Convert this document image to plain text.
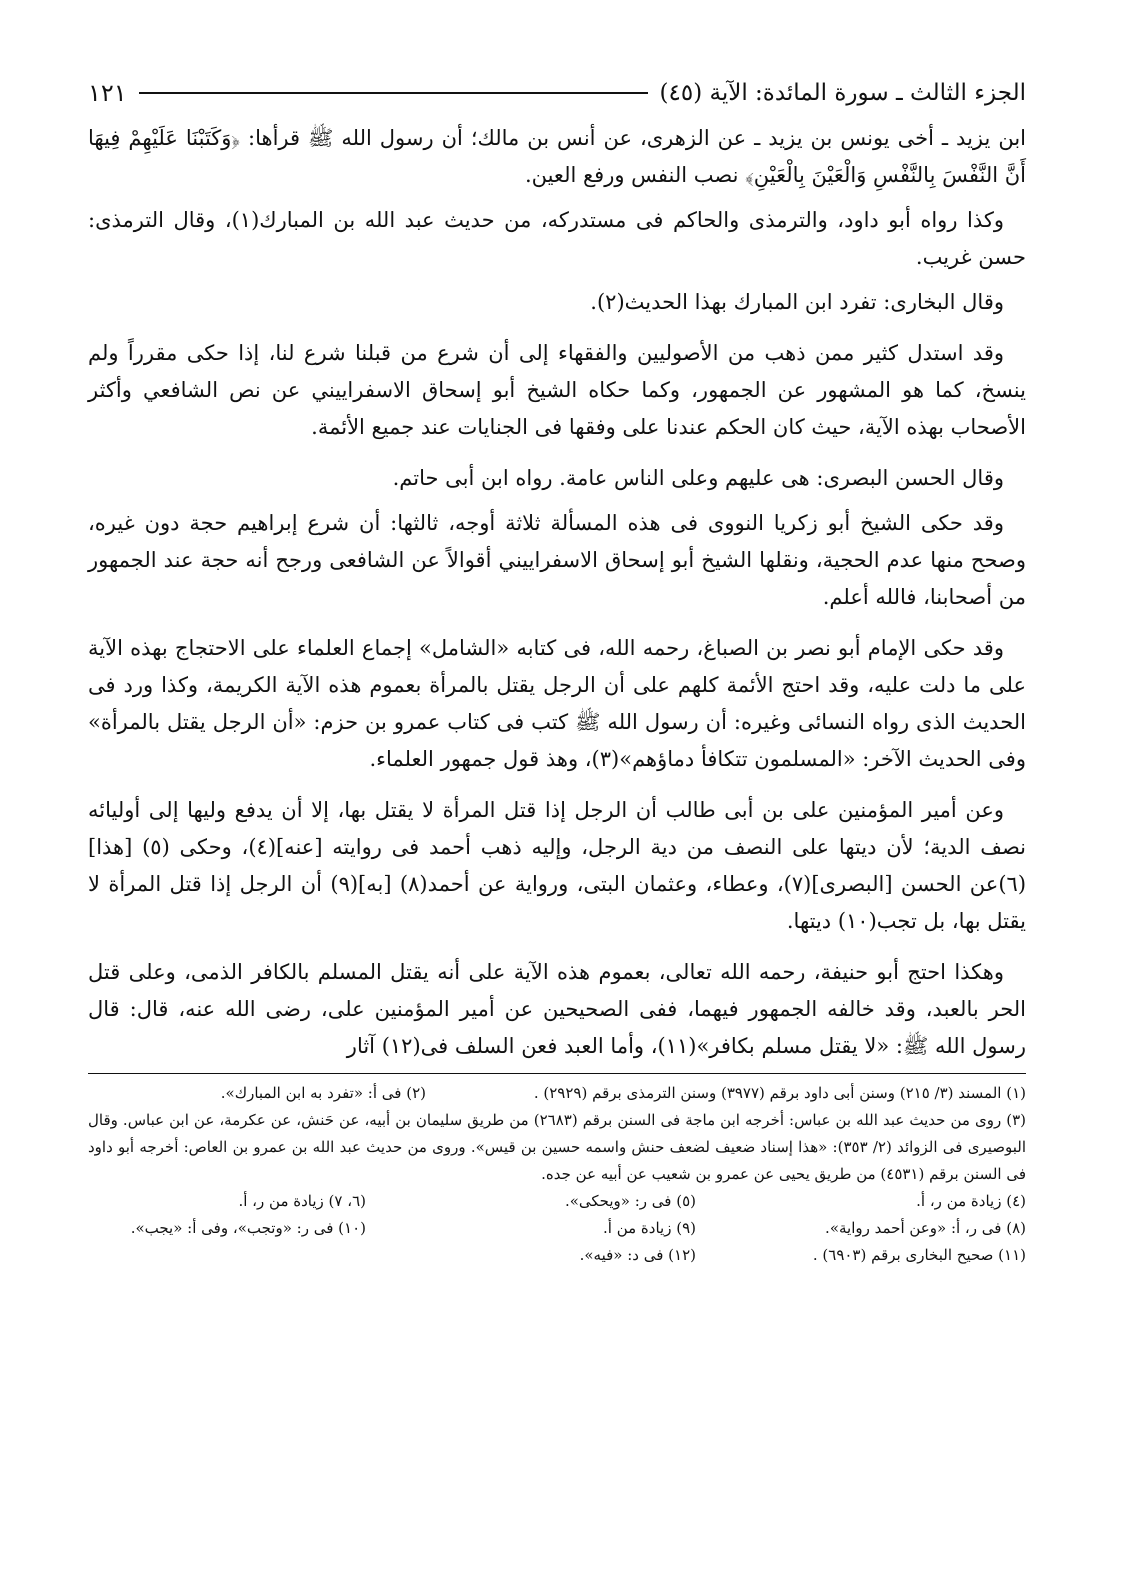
الجزء الثالث ـ سورة المائدة: الآية (٤٥)
١٢١

ابن يزيد ـ أخى يونس بن يزيد ـ عن الزهرى، عن أنس بن مالك؛ أن رسول الله ﷺ قرأها: ﴿وَكَتَبْنَا عَلَيْهِمْ فِيهَا أَنَّ النَّفْسَ بِالنَّفْسِ وَالْعَيْنَ بِالْعَيْنِ﴾ نصب النفس ورفع العين.

وكذا رواه أبو داود، والترمذى والحاكم فى مستدركه، من حديث عبد الله بن المبارك(١)، وقال الترمذى: حسن غريب.

وقال البخارى: تفرد ابن المبارك بهذا الحديث(٢).

وقد استدل كثير ممن ذهب من الأصوليين والفقهاء إلى أن شرع من قبلنا شرع لنا، إذا حكى مقرراً ولم ينسخ، كما هو المشهور عن الجمهور، وكما حكاه الشيخ أبو إسحاق الاسفراييني عن نص الشافعي وأكثر الأصحاب بهذه الآية، حيث كان الحكم عندنا على وفقها فى الجنايات عند جميع الأئمة.

وقال الحسن البصرى: هى عليهم وعلى الناس عامة. رواه ابن أبى حاتم.

وقد حكى الشيخ أبو زكريا النووى فى هذه المسألة ثلاثة أوجه، ثالثها: أن شرع إبراهيم حجة دون غيره، وصحح منها عدم الحجية، ونقلها الشيخ أبو إسحاق الاسفراييني أقوالاً عن الشافعى ورجح أنه حجة عند الجمهور من أصحابنا، فالله أعلم.

وقد حكى الإمام أبو نصر بن الصباغ، رحمه الله، فى كتابه «الشامل» إجماع العلماء على الاحتجاج بهذه الآية على ما دلت عليه، وقد احتج الأئمة كلهم على أن الرجل يقتل بالمرأة بعموم هذه الآية الكريمة، وكذا ورد فى الحديث الذى رواه النسائى وغيره: أن رسول الله ﷺ كتب فى كتاب عمرو بن حزم: «أن الرجل يقتل بالمرأة» وفى الحديث الآخر: «المسلمون تتكافأ دماؤهم»(٣)، وهذ قول جمهور العلماء.

وعن أمير المؤمنين على بن أبى طالب أن الرجل إذا قتل المرأة لا يقتل بها، إلا أن يدفع وليها إلى أوليائه نصف الدية؛ لأن ديتها على النصف من دية الرجل، وإليه ذهب أحمد فى روايته [عنه](٤)، وحكى (٥) [هذا] (٦)عن الحسن [البصرى](٧)، وعطاء، وعثمان البتى، ورواية عن أحمد(٨) [به](٩) أن الرجل إذا قتل المرأة لا يقتل بها، بل تجب(١٠) ديتها.

وهكذا احتج أبو حنيفة، رحمه الله تعالى، بعموم هذه الآية على أنه يقتل المسلم بالكافر الذمى، وعلى قتل الحر بالعبد، وقد خالفه الجمهور فيهما، ففى الصحيحين عن أمير المؤمنين على، رضى الله عنه، قال: قال رسول الله ﷺ: «لا يقتل مسلم بكافر»(١١)، وأما العبد فعن السلف فى(١٢) آثار

(١) المسند (٣/ ٢١٥) وسنن أبى داود برقم (٣٩٧٧) وسنن الترمذى برقم (٢٩٢٩) .
(٢) فى أ: «تفرد به ابن المبارك».
(٣) روى من حديث عبد الله بن عباس: أخرجه ابن ماجة فى السنن برقم (٢٦٨٣) من طريق سليمان بن أبيه، عن حَنش، عن عكرمة، عن ابن عباس. وقال البوصيرى فى الزوائد (٢/ ٣٥٣): «هذا إسناد ضعيف لضعف حنش واسمه حسين بن قيس». وروى من حديث عبد الله بن عمرو بن العاص: أخرجه أبو داود فى السنن برقم (٤٥٣١) من طريق يحيى عن عمرو بن شعيب عن أبيه عن جده.
(٤) زيادة من ر، أ.
(٥) فى ر: «ويحكى».
(٦، ٧) زيادة من ر، أ.
(٨) فى ر، أ: «وعن أحمد رواية».
(٩) زيادة من أ.
(١٠) فى ر: «وتجب»، وفى أ: «يجب».
(١١) صحيح البخارى برقم (٦٩٠٣) .
(١٢) فى د: «فيه».
